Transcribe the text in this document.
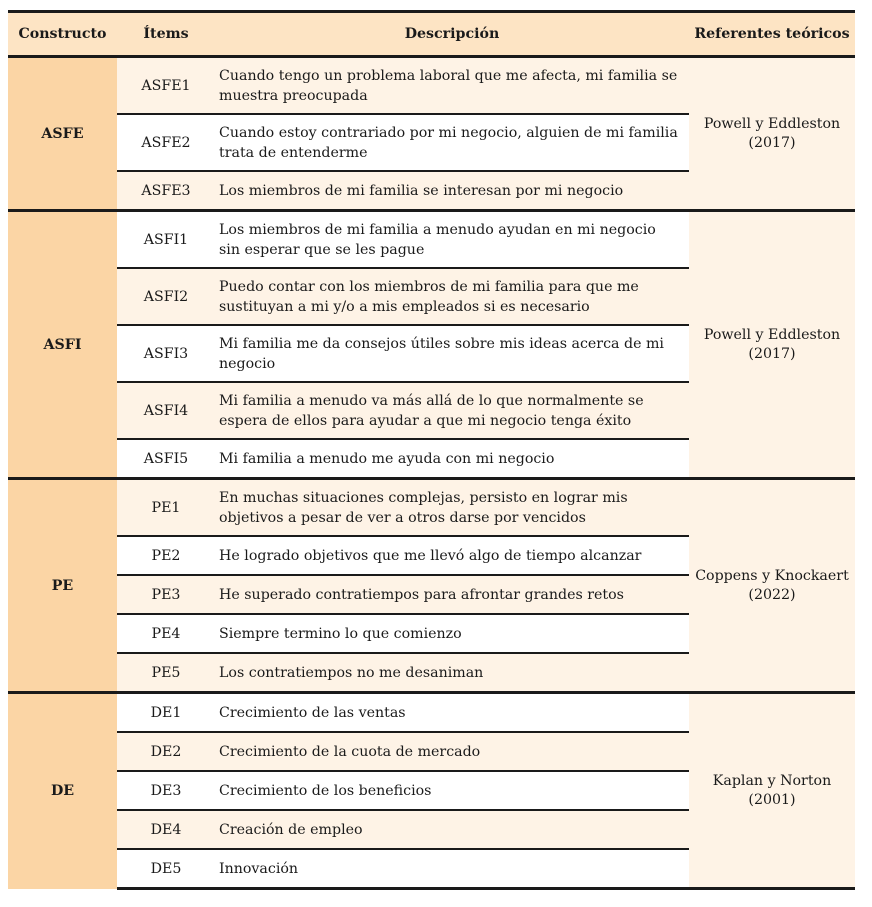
Constructo	Ítems	Descripción	Referentes teóricos
ASFE	ASFE1	Cuando tengo un problema laboral que me afecta, mi familia se muestra preocupada	Powell y Eddleston (2017)
	ASFE2	Cuando estoy contrariado por mi negocio, alguien de mi familia trata de entenderme	
	ASFE3	Los miembros de mi familia se interesan por mi negocio	
ASFI	ASFI1	Los miembros de mi familia a menudo ayudan en mi negocio sin esperar que se les pague	Powell y Eddleston (2017)
	ASFI2	Puedo contar con los miembros de mi familia para que me sustituyan a mi y/o a mis empleados si es necesario	
	ASFI3	Mi familia me da consejos útiles sobre mis ideas acerca de mi negocio	
	ASFI4	Mi familia a menudo va más allá de lo que normalmente se espera de ellos para ayudar a que mi negocio tenga éxito	
	ASFI5	Mi familia a menudo me ayuda con mi negocio	
PE	PE1	En muchas situaciones complejas, persisto en lograr mis objetivos a pesar de ver a otros darse por vencidos	Coppens y Knockaert (2022)
	PE2	He logrado objetivos que me llevó algo de tiempo alcanzar	
	PE3	He superado contratiempos para afrontar grandes retos	
	PE4	Siempre termino lo que comienzo	
	PE5	Los contratiempos no me desaniman	
DE	DE1	Crecimiento de las ventas	Kaplan y Norton (2001)
	DE2	Crecimiento de la cuota de mercado	
	DE3	Crecimiento de los beneficios	
	DE4	Creación de empleo	
	DE5	Innovación	
